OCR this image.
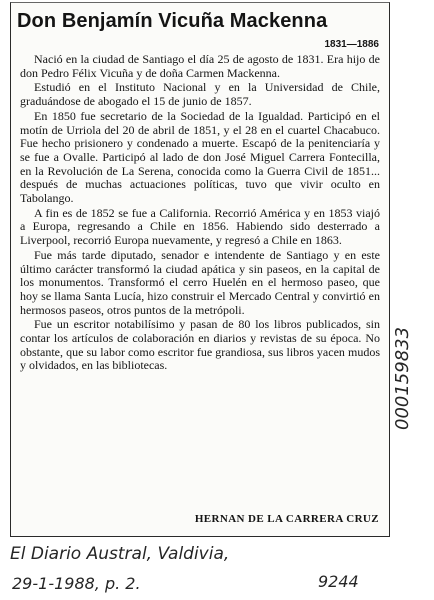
Don Benjamín Vicuña Mackenna
1831—1886

Nació en la ciudad de Santiago el día 25 de agosto de 1831. Era hijo de don Pedro Félix Vicuña y de doña Carmen Mackenna.

Estudió en el Instituto Nacional y en la Universidad de Chile, graduándose de abogado el 15 de junio de 1857.

En 1850 fue secretario de la Sociedad de la Igualdad. Participó en el motín de Urriola del 20 de abril de 1851, y el 28 en el cuartel Chacabuco. Fue hecho prisionero y condenado a muerte. Escapó de la penitenciaría y se fue a Ovalle. Participó al lado de don José Miguel Carrera Fontecilla, en la Revolución de La Serena, conocida como la Guerra Civil de 1851... después de muchas actuaciones políticas, tuvo que vivir oculto en Tabolango.

A fin es de 1852 se fue a California. Recorrió América y en 1853 viajó a Europa, regresando a Chile en 1856. Habiendo sido desterrado a Liverpool, recorrió Europa nuevamente, y regresó a Chile en 1863.

Fue más tarde diputado, senador e intendente de Santiago y en este último carácter transformó la ciudad apática y sin paseos, en la capital de los monumentos. Transformó el cerro Huelén en el hermoso paseo, que hoy se llama Santa Lucía, hizo construir el Mercado Central y convirtió en hermosos paseos, otros puntos de la metrópoli.

Fue un escritor notabilísimo y pasan de 80 los libros publicados, sin contar los artículos de colaboración en diarios y revistas de su época. No obstante, que su labor como escritor fue grandiosa, sus libros yacen mudos y olvidados, en las bibliotecas.

HERNAN DE LA CARRERA CRUZ
El Diario Austral, Valdivia,
29-1-1988, p. 2.	9244
000159833
